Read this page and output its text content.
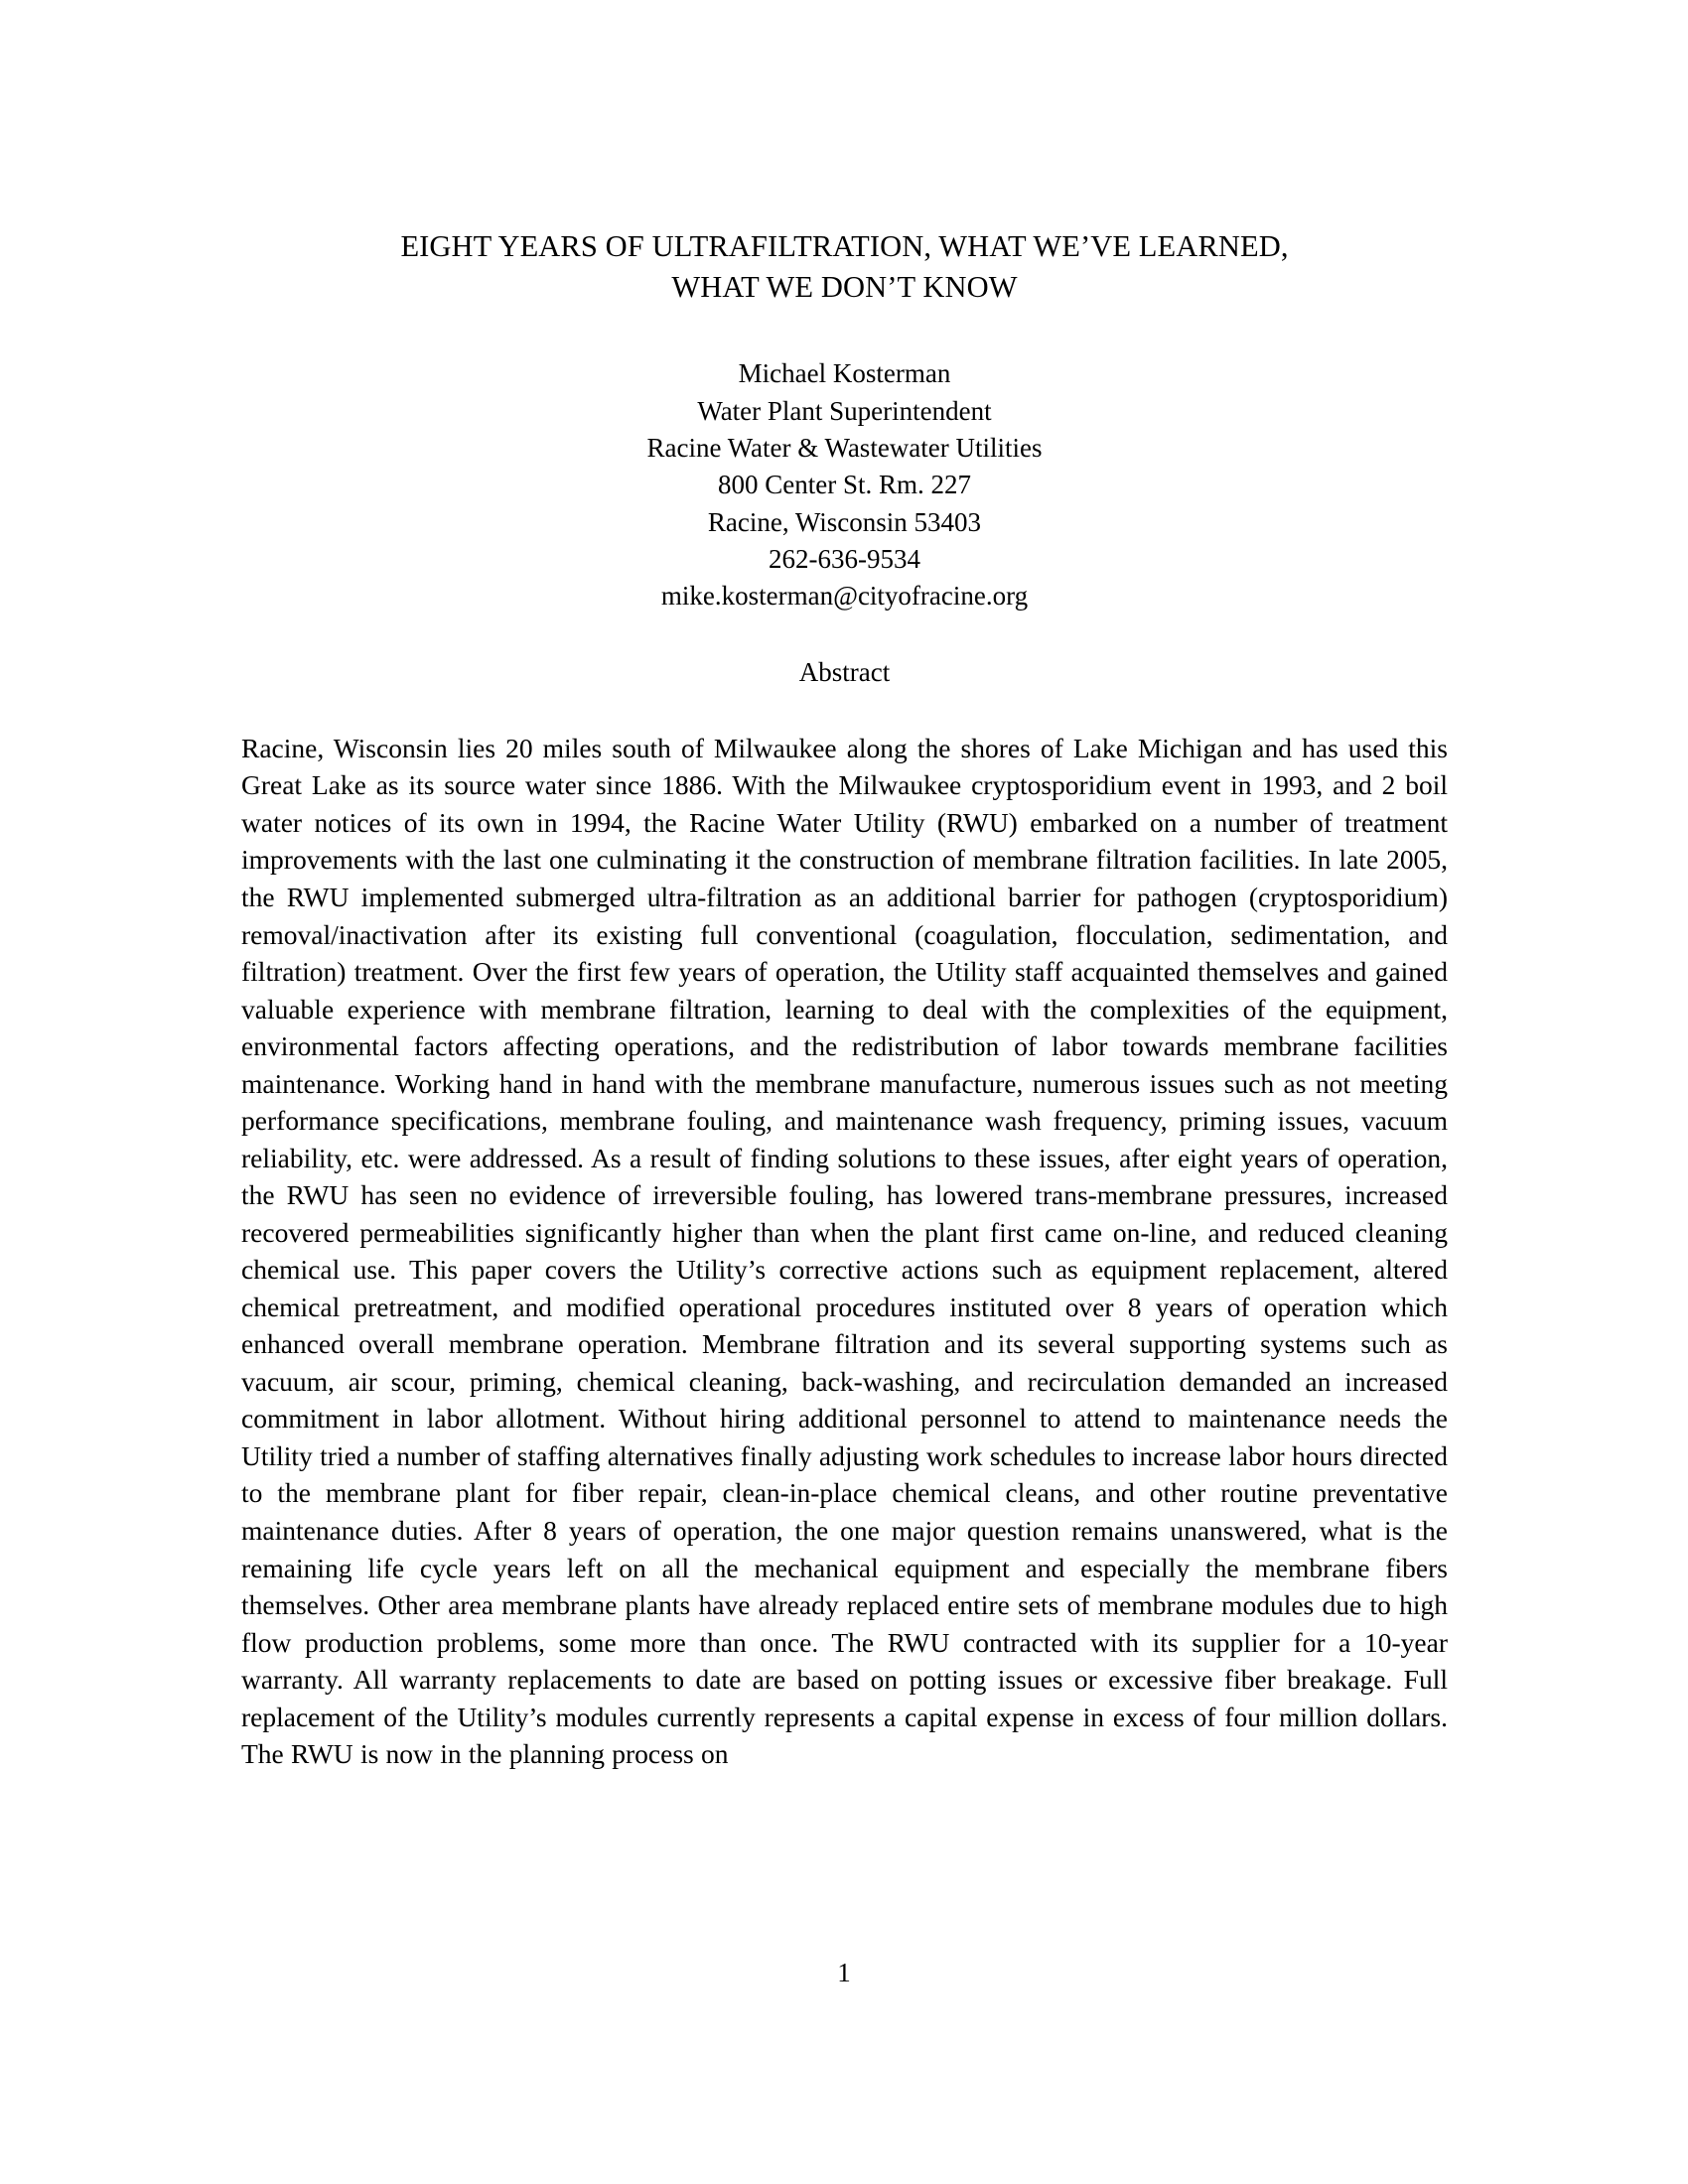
EIGHT YEARS OF ULTRAFILTRATION, WHAT WE’VE LEARNED,
WHAT WE DON’T KNOW
Michael Kosterman
Water Plant Superintendent
Racine Water & Wastewater Utilities
800 Center St. Rm. 227
Racine, Wisconsin 53403
262-636-9534
mike.kosterman@cityofracine.org
Abstract
Racine, Wisconsin lies 20 miles south of Milwaukee along the shores of Lake Michigan and has used this Great Lake as its source water since 1886. With the Milwaukee cryptosporidium event in 1993, and 2 boil water notices of its own in 1994, the Racine Water Utility (RWU) embarked on a number of treatment improvements with the last one culminating it the construction of membrane filtration facilities. In late 2005, the RWU implemented submerged ultra-filtration as an additional barrier for pathogen (cryptosporidium) removal/inactivation after its existing full conventional (coagulation, flocculation, sedimentation, and filtration) treatment. Over the first few years of operation, the Utility staff acquainted themselves and gained valuable experience with membrane filtration, learning to deal with the complexities of the equipment, environmental factors affecting operations, and the redistribution of labor towards membrane facilities maintenance. Working hand in hand with the membrane manufacture, numerous issues such as not meeting performance specifications, membrane fouling, and maintenance wash frequency, priming issues, vacuum reliability, etc. were addressed. As a result of finding solutions to these issues, after eight years of operation, the RWU has seen no evidence of irreversible fouling, has lowered trans-membrane pressures, increased recovered permeabilities significantly higher than when the plant first came on-line, and reduced cleaning chemical use. This paper covers the Utility’s corrective actions such as equipment replacement, altered chemical pretreatment, and modified operational procedures instituted over 8 years of operation which enhanced overall membrane operation. Membrane filtration and its several supporting systems such as vacuum, air scour, priming, chemical cleaning, back-washing, and recirculation demanded an increased commitment in labor allotment. Without hiring additional personnel to attend to maintenance needs the Utility tried a number of staffing alternatives finally adjusting work schedules to increase labor hours directed to the membrane plant for fiber repair, clean-in-place chemical cleans, and other routine preventative maintenance duties. After 8 years of operation, the one major question remains unanswered, what is the remaining life cycle years left on all the mechanical equipment and especially the membrane fibers themselves. Other area membrane plants have already replaced entire sets of membrane modules due to high flow production problems, some more than once. The RWU contracted with its supplier for a 10-year warranty. All warranty replacements to date are based on potting issues or excessive fiber breakage. Full replacement of the Utility’s modules currently represents a capital expense in excess of four million dollars. The RWU is now in the planning process on
1
